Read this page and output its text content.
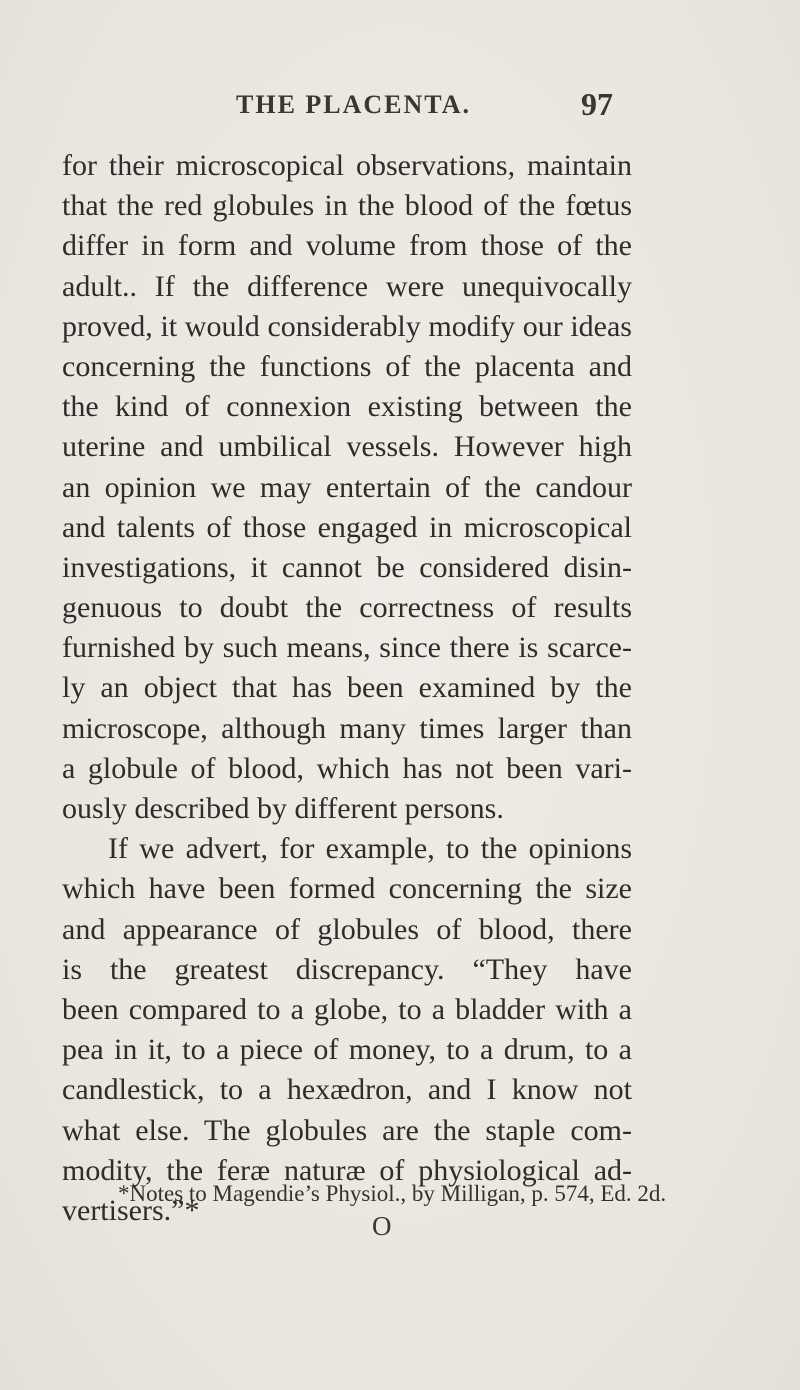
THE PLACENTA.	97
for their microscopical observations, maintain
that the red globules in the blood of the fœtus
differ in form and volume from those of the
adult.. If the difference were unequivocally
proved, it would considerably modify our ideas
concerning the functions of the placenta and
the kind of connexion existing between the
uterine and umbilical vessels. However high
an opinion we may entertain of the candour
and talents of those engaged in microscopical
investigations, it cannot be considered disin-
genuous to doubt the correctness of results
furnished by such means, since there is scarce-
ly an object that has been examined by the
microscope, although many times larger than
a globule of blood, which has not been vari-
ously described by different persons.
If we advert, for example, to the opinions
which have been formed concerning the size
and appearance of globules of blood, there
is the greatest discrepancy. “They have
been compared to a globe, to a bladder with a
pea in it, to a piece of money, to a drum, to a
candlestick, to a hexædron, and I know not
what else. The globules are the staple com-
modity, the feræ naturæ of physiological ad-
vertisers.”*
*Notes to Magendie’s Physiol., by Milligan, p. 574, Ed. 2d.
O
